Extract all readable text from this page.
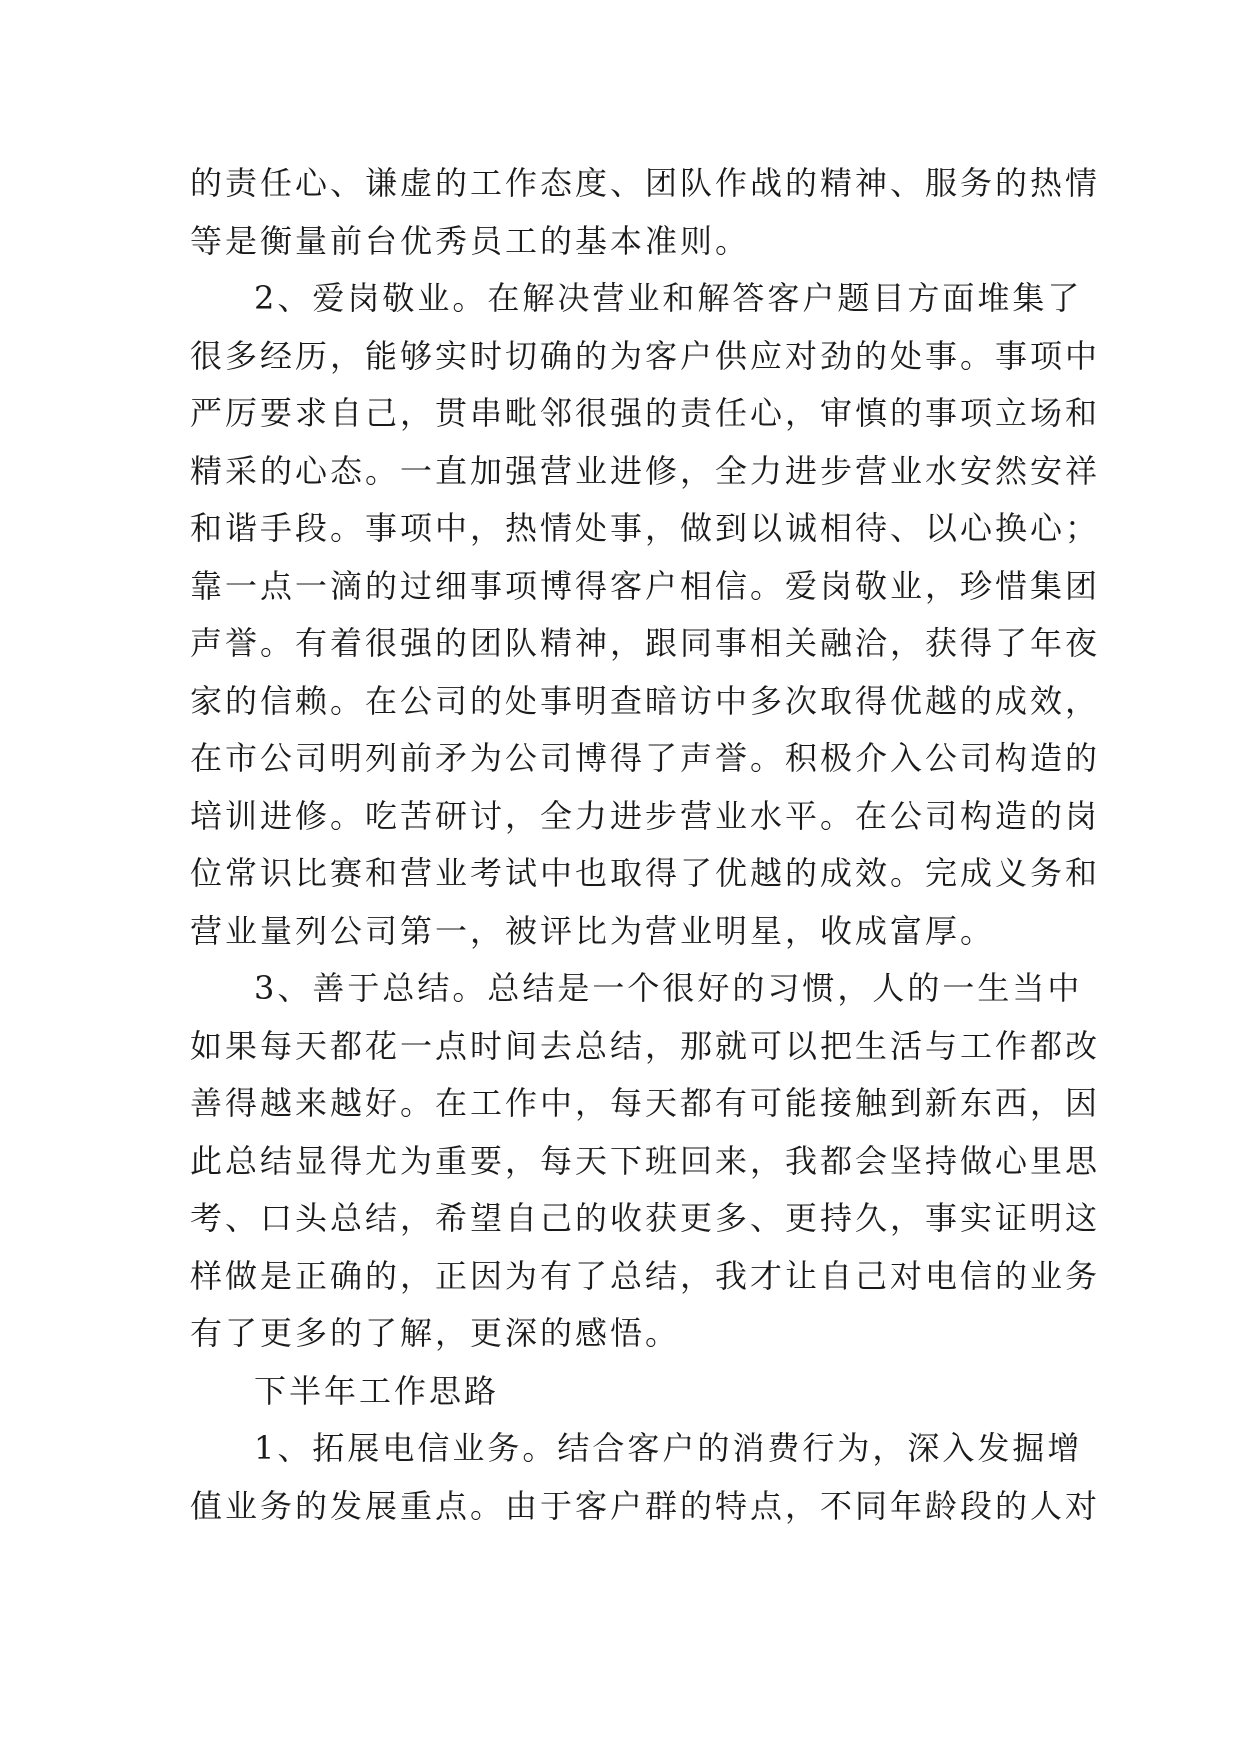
的责任心、谦虚的工作态度、团队作战的精神、服务的热情
等是衡量前台优秀员工的基本准则。
2、爱岗敬业。在解决营业和解答客户题目方面堆集了
很多经历，能够实时切确的为客户供应对劲的处事。事项中
严厉要求自己，贯串毗邻很强的责任心，审慎的事项立场和
精采的心态。一直加强营业进修，全力进步营业水安然安祥
和谐手段。事项中，热情处事，做到以诚相待、以心换心；
靠一点一滴的过细事项博得客户相信。爱岗敬业，珍惜集团
声誉。有着很强的团队精神，跟同事相关融洽，获得了年夜
家的信赖。在公司的处事明查暗访中多次取得优越的成效，
在市公司明列前矛为公司博得了声誉。积极介入公司构造的
培训进修。吃苦研讨，全力进步营业水平。在公司构造的岗
位常识比赛和营业考试中也取得了优越的成效。完成义务和
营业量列公司第一，被评比为营业明星，收成富厚。
3、善于总结。总结是一个很好的习惯，人的一生当中
如果每天都花一点时间去总结，那就可以把生活与工作都改
善得越来越好。在工作中，每天都有可能接触到新东西，因
此总结显得尤为重要，每天下班回来，我都会坚持做心里思
考、口头总结，希望自己的收获更多、更持久，事实证明这
样做是正确的，正因为有了总结，我才让自己对电信的业务
有了更多的了解，更深的感悟。
下半年工作思路
1、拓展电信业务。结合客户的消费行为，深入发掘增
值业务的发展重点。由于客户群的特点，不同年龄段的人对
